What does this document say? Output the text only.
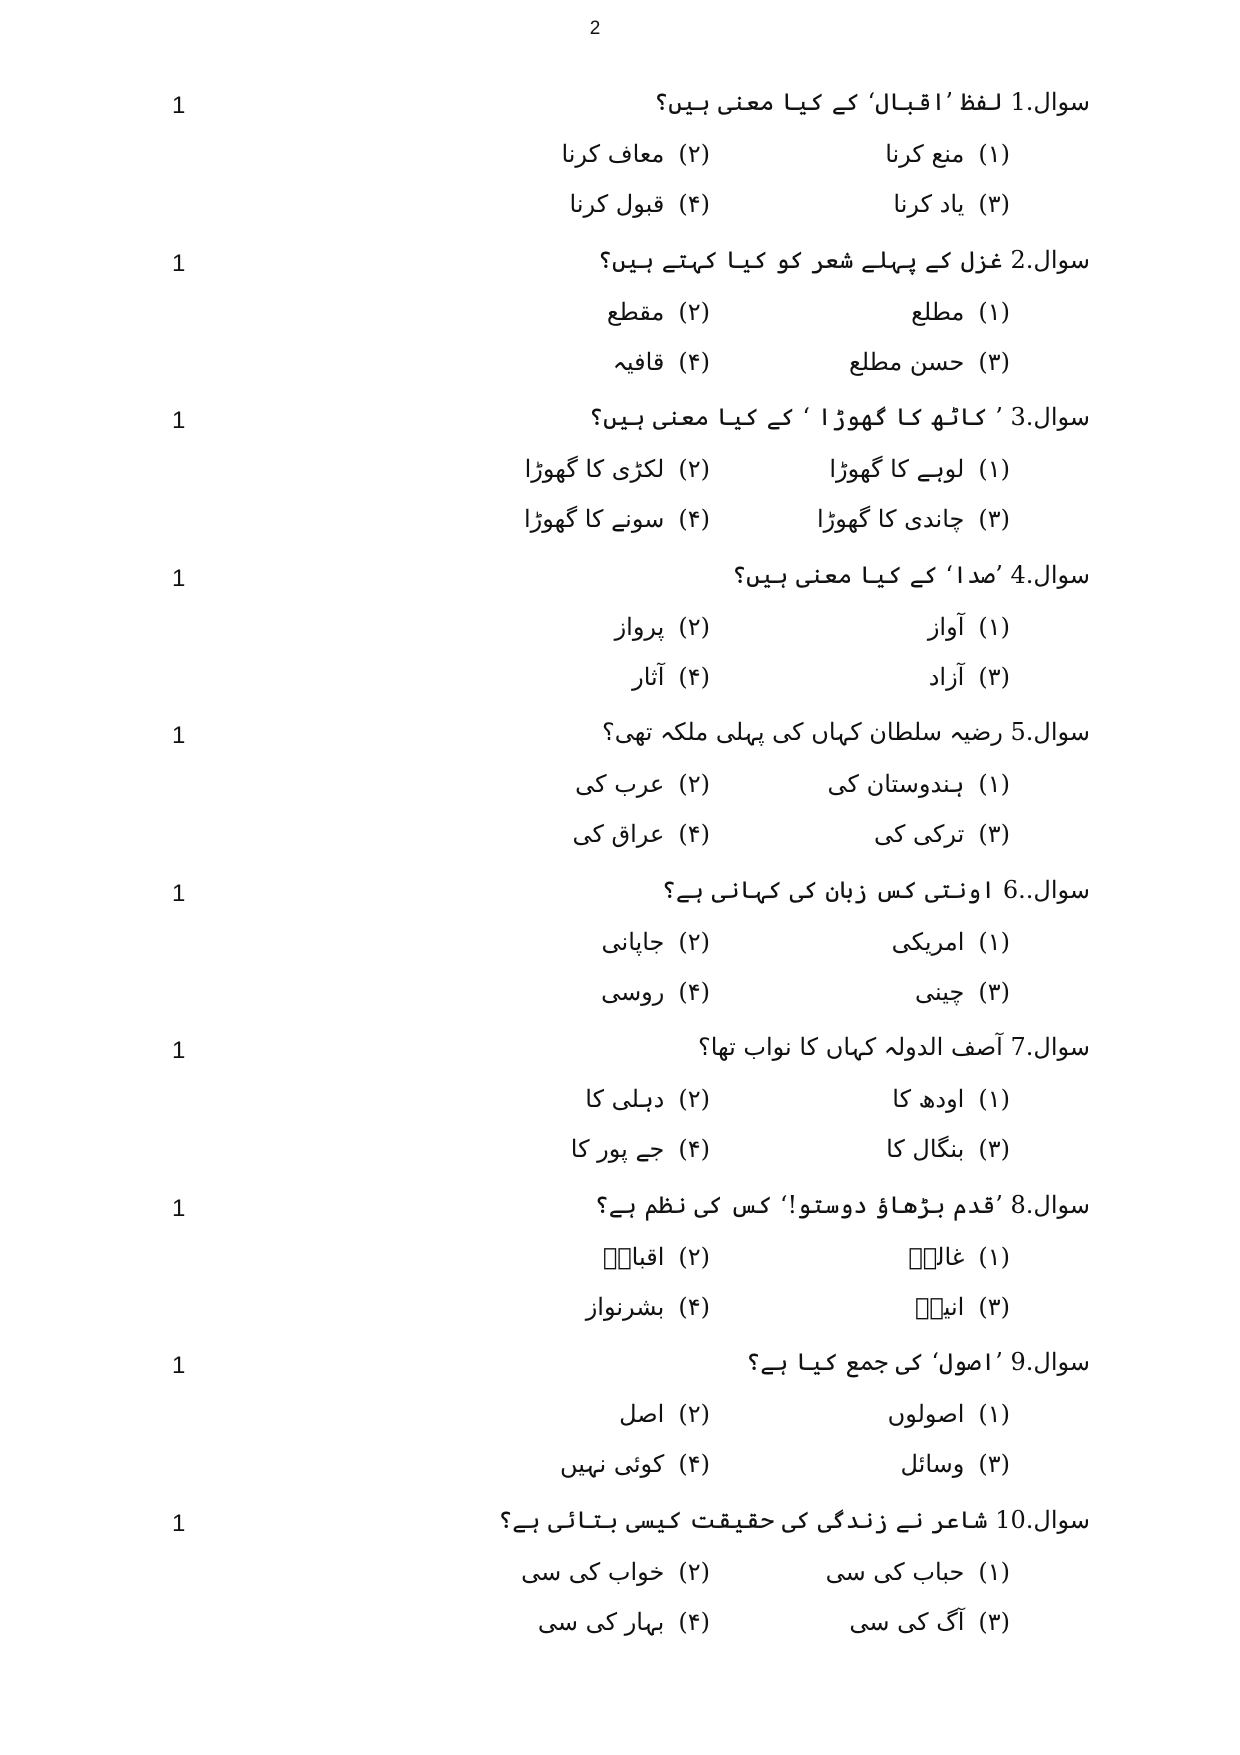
2
1	سوال.1 لفظ ’اقبال‘ کے کیا معنی ہیں؟
(۱)منع کرنا
(۲)معاف کرنا
(۳)یاد کرنا
(۴)قبول کرنا
1	سوال.2 غزل کے پہلے شعر کو کیا کہتے ہیں؟
(۱)مطلع
(۲)مقطع
(۳)حسن مطلع
(۴)قافیہ
1	سوال.3 ’ کاٹھ کا گھوڑا ‘ کے کیا معنی ہیں؟
(۱)لوہے کا گھوڑا
(۲)لکڑی کا گھوڑا
(۳)چاندی کا گھوڑا
(۴)سونے کا گھوڑا
1	سوال.4 ’صدا‘ کے کیا معنی ہیں؟
(۱)آواز
(۲)پرواز
(۳)آزاد
(۴)آثار
1	سوال.5 رضیہ سلطان کہاں کی پہلی ملکہ تھی؟
(۱)ہندوستان کی
(۲)عرب کی
(۳)ترکی کی
(۴)عراق کی
1	سوال..6 اونتی کس زبان کی کہانی ہے؟
(۱)امریکی
(۲)جاپانی
(۳)چینی
(۴)روسی
1	سوال.7 آصف الدولہ کہاں کا نواب تھا؟
(۱)اودھ کا
(۲)دہلی کا
(۳)بنگال کا
(۴)جے پور کا
1	سوال.8 ’قدم بڑھاؤ دوستو!‘ کس کی نظم ہے؟
(۱)غالبؔ
(۲)اقبالؔ
(۳)انیسؔ
(۴)بشرنواز
1	سوال.9 ’اصول‘ کی جمع کیا ہے؟
(۱)اصولوں
(۲)اصل
(۳)وسائل
(۴)کوئی نہیں
1	سوال.10 شاعر نے زندگی کی حقیقت کیسی بتائی ہے؟
(۱)حباب کی سی
(۲)خواب کی سی
(۳)آگ کی سی
(۴)بہار کی سی
